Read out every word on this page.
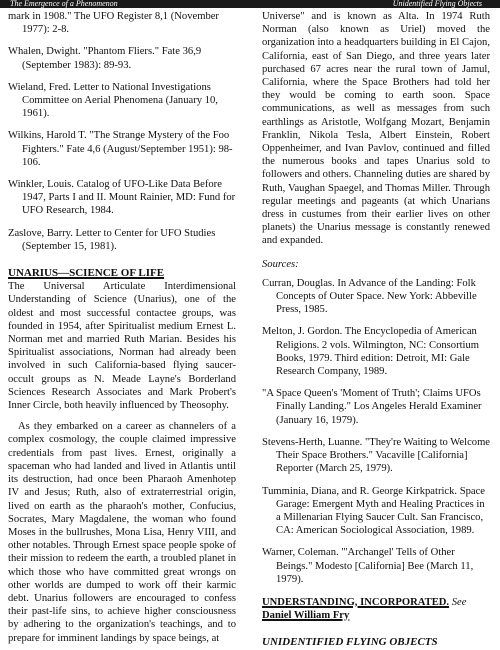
The Emergence of a Phenomenon	Unidentified Flying Objects
mark in 1908." The UFO Register 8,1 (November 1977): 2-8.
Whalen, Dwight. "Phantom Fliers." Fate 36,9 (September 1983): 89-93.
Wieland, Fred. Letter to National Investigations Committee on Aerial Phenomena (January 10, 1961).
Wilkins, Harold T. "The Strange Mystery of the Foo Fighters." Fate 4,6 (August/September 1951): 98-106.
Winkler, Louis. Catalog of UFO-Like Data Before 1947, Parts I and II. Mount Rainier, MD: Fund for UFO Research, 1984.
Zaslove, Barry. Letter to Center for UFO Studies (September 15, 1981).
UNARIUS—SCIENCE OF LIFE

The Universal Articulate Interdimensional Understanding of Science (Unarius), one of the oldest and most successful contactee groups, was founded in 1954, after Spiritualist medium Ernest L. Norman met and married Ruth Marian. Besides his Spiritualist associations, Norman had already been involved in such California-based flying saucer-occult groups as N. Meade Layne's Borderland Sciences Research Associates and Mark Probert's Inner Circle, both heavily influenced by Theosophy.

As they embarked on a career as channelers of a complex cosmology, the couple claimed impressive credentials from past lives. Ernest, originally a spaceman who had landed and lived in Atlantis until its destruction, had once been Pharaoh Amenhotep IV and Jesus; Ruth, also of extraterrestrial origin, lived on earth as the pharaoh's mother, Confucius, Socrates, Mary Magdalene, the woman who found Moses in the bullrushes, Mona Lisa, Henry VIII, and other notables. Through Ernest space people spoke of their mission to redeem the earth, a troubled planet in which those who have committed great wrongs on other worlds are dumped to work off their karmic debt. Unarius followers are encouraged to confess their past-life sins, to achieve higher consciousness by adhering to the organization's teachings, and to prepare for imminent landings by space beings, at

Universe" and is known as Alta. In 1974 Ruth Norman (also known as Uriel) moved the organization into a headquarters building in El Cajon, California, east of San Diego, and three years later purchased 67 acres near the rural town of Jamul, California, where the Space Brothers had told her they would be coming to earth soon. Space communications, as well as messages from such earthlings as Aristotle, Wolfgang Mozart, Benjamin Franklin, Nikola Tesla, Albert Einstein, Robert Oppenheimer, and Ivan Pavlov, continued and filled the numerous books and tapes Unarius sold to followers and others. Channeling duties are shared by Ruth, Vaughan Spaegel, and Thomas Miller. Through regular meetings and pageants (at which Unarians dress in custumes from their earlier lives on other planets) the Unarius message is constantly renewed and expanded.

Sources:
Curran, Douglas. In Advance of the Landing: Folk Concepts of Outer Space. New York: Abbeville Press, 1985.
Melton, J. Gordon. The Encyclopedia of American Religions. 2 vols. Wilmington, NC: Consortium Books, 1979. Third edition: Detroit, MI: Gale Research Company, 1989.
"A Space Queen's 'Moment of Truth'; Claims UFOs Finally Landing." Los Angeles Herald Examiner (January 16, 1979).
Stevens-Herth, Luanne. "They're Waiting to Welcome Their Space Brothers." Vacaville [California] Reporter (March 25, 1979).
Tumminia, Diana, and R. George Kirkpatrick. Space Garage: Emergent Myth and Healing Practices in a Millenarian Flying Saucer Cult. San Francisco, CA: American Sociological Association, 1989.
Warner, Coleman. "'Archangel' Tells of Other Beings." Modesto [California] Bee (March 11, 1979).
UNDERSTANDING, INCORPORATED. See Daniel William Fry
UNIDENTIFIED FLYING OBJECTS
